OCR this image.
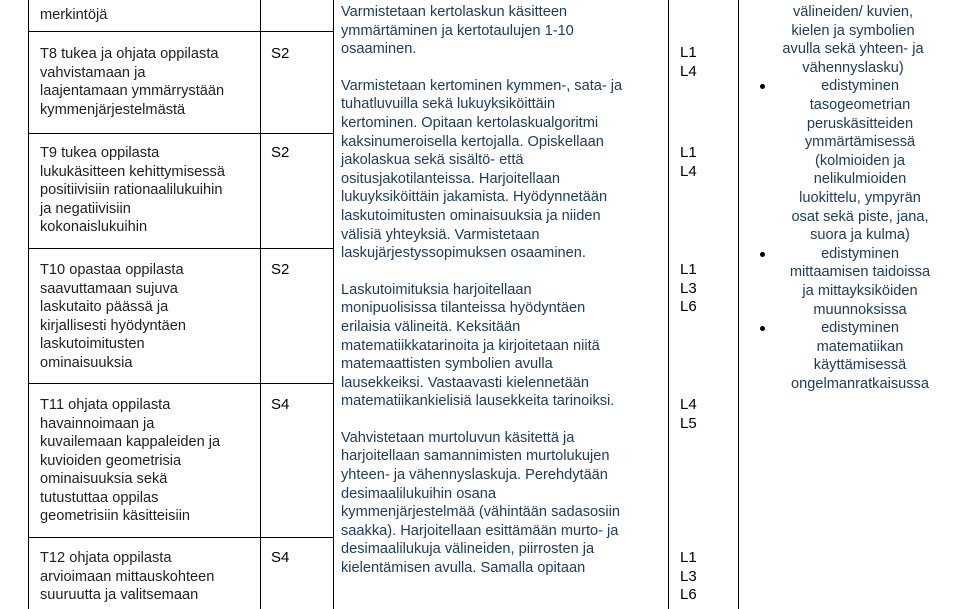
merkintöjä
T8 tukea ja ohjata oppilasta
vahvistamaan ja
laajentamaan ymmärrystään
kymmenjärjestelmästä
S2
T9 tukea oppilasta
lukukäsitteen kehittymisessä
positiivisiin rationaalilukuihin
ja negatiivisiin
kokonaislukuihin
S2
T10 opastaa oppilasta
saavuttamaan sujuva
laskutaito päässä ja
kirjallisesti hyödyntäen
laskutoimitusten
ominaisuuksia
S2
T11 ohjata oppilasta
havainnoimaan ja
kuvailemaan kappaleiden ja
kuvioiden geometrisia
ominaisuuksia sekä
tutustuttaa oppilas
geometrisiin käsitteisiin
S4
T12 ohjata oppilasta
arvioimaan mittauskohteen
suuruutta ja valitsemaan
S4

Varmistetaan kertolaskun käsitteen
ymmärtäminen ja kertotaulujen 1-10
osaaminen.

Varmistetaan kertominen kymmen-, sata- ja
tuhatluvuilla sekä lukuyksiköittäin
kertominen. Opitaan kertolaskualgoritmi
kaksinumeroisella kertojalla. Opiskellaan
jakolaskua sekä sisältö- että
ositusjakotilanteissa. Harjoitellaan
lukuyksiköittäin jakamista. Hyödynnetään
laskutoimitusten ominaisuuksia ja niiden
välisiä yhteyksiä. Varmistetaan
laskujärjestyssopimuksen osaaminen.

Laskutoimituksia harjoitellaan
monipuolisissa tilanteissa hyödyntäen
erilaisia välineitä. Keksitään
matematiikkatarinoita ja kirjoitetaan niitä
matemaattisten symbolien avulla
lausekkeiksi. Vastaavasti kielennetään
matematiikankielisiä lausekkeita tarinoiksi.

Vahvistetaan murtoluvun käsitettä ja
harjoitellaan samannimisten murtolukujen
yhteen- ja vähennyslaskuja. Perehdytään
desimaalilukuihin osana
kymmenjärjestelmää (vähintään sadasosiin
saakka). Harjoitellaan esittämään murto- ja
desimaalilukuja välineiden, piirrosten ja
kielentämisen avulla. Samalla opitaan

L1
L4
L1
L4
L1
L3
L6
L4
L5
L1
L3
L6
välineiden/ kuvien,
kielen ja symbolien
avulla sekä yhteen- ja
vähennyslasku)
edistyminen
tasogeometrian
peruskäsitteiden
ymmärtämisessä
(kolmioiden ja
nelikulmioiden
luokittelu, ympyrän
osat sekä piste, jana,
suora ja kulma)
edistyminen
mittaamisen taidoissa
ja mittayksiköiden
muunnoksissa
edistyminen
matematiikan
käyttämisessä
ongelmanratkaisussa
